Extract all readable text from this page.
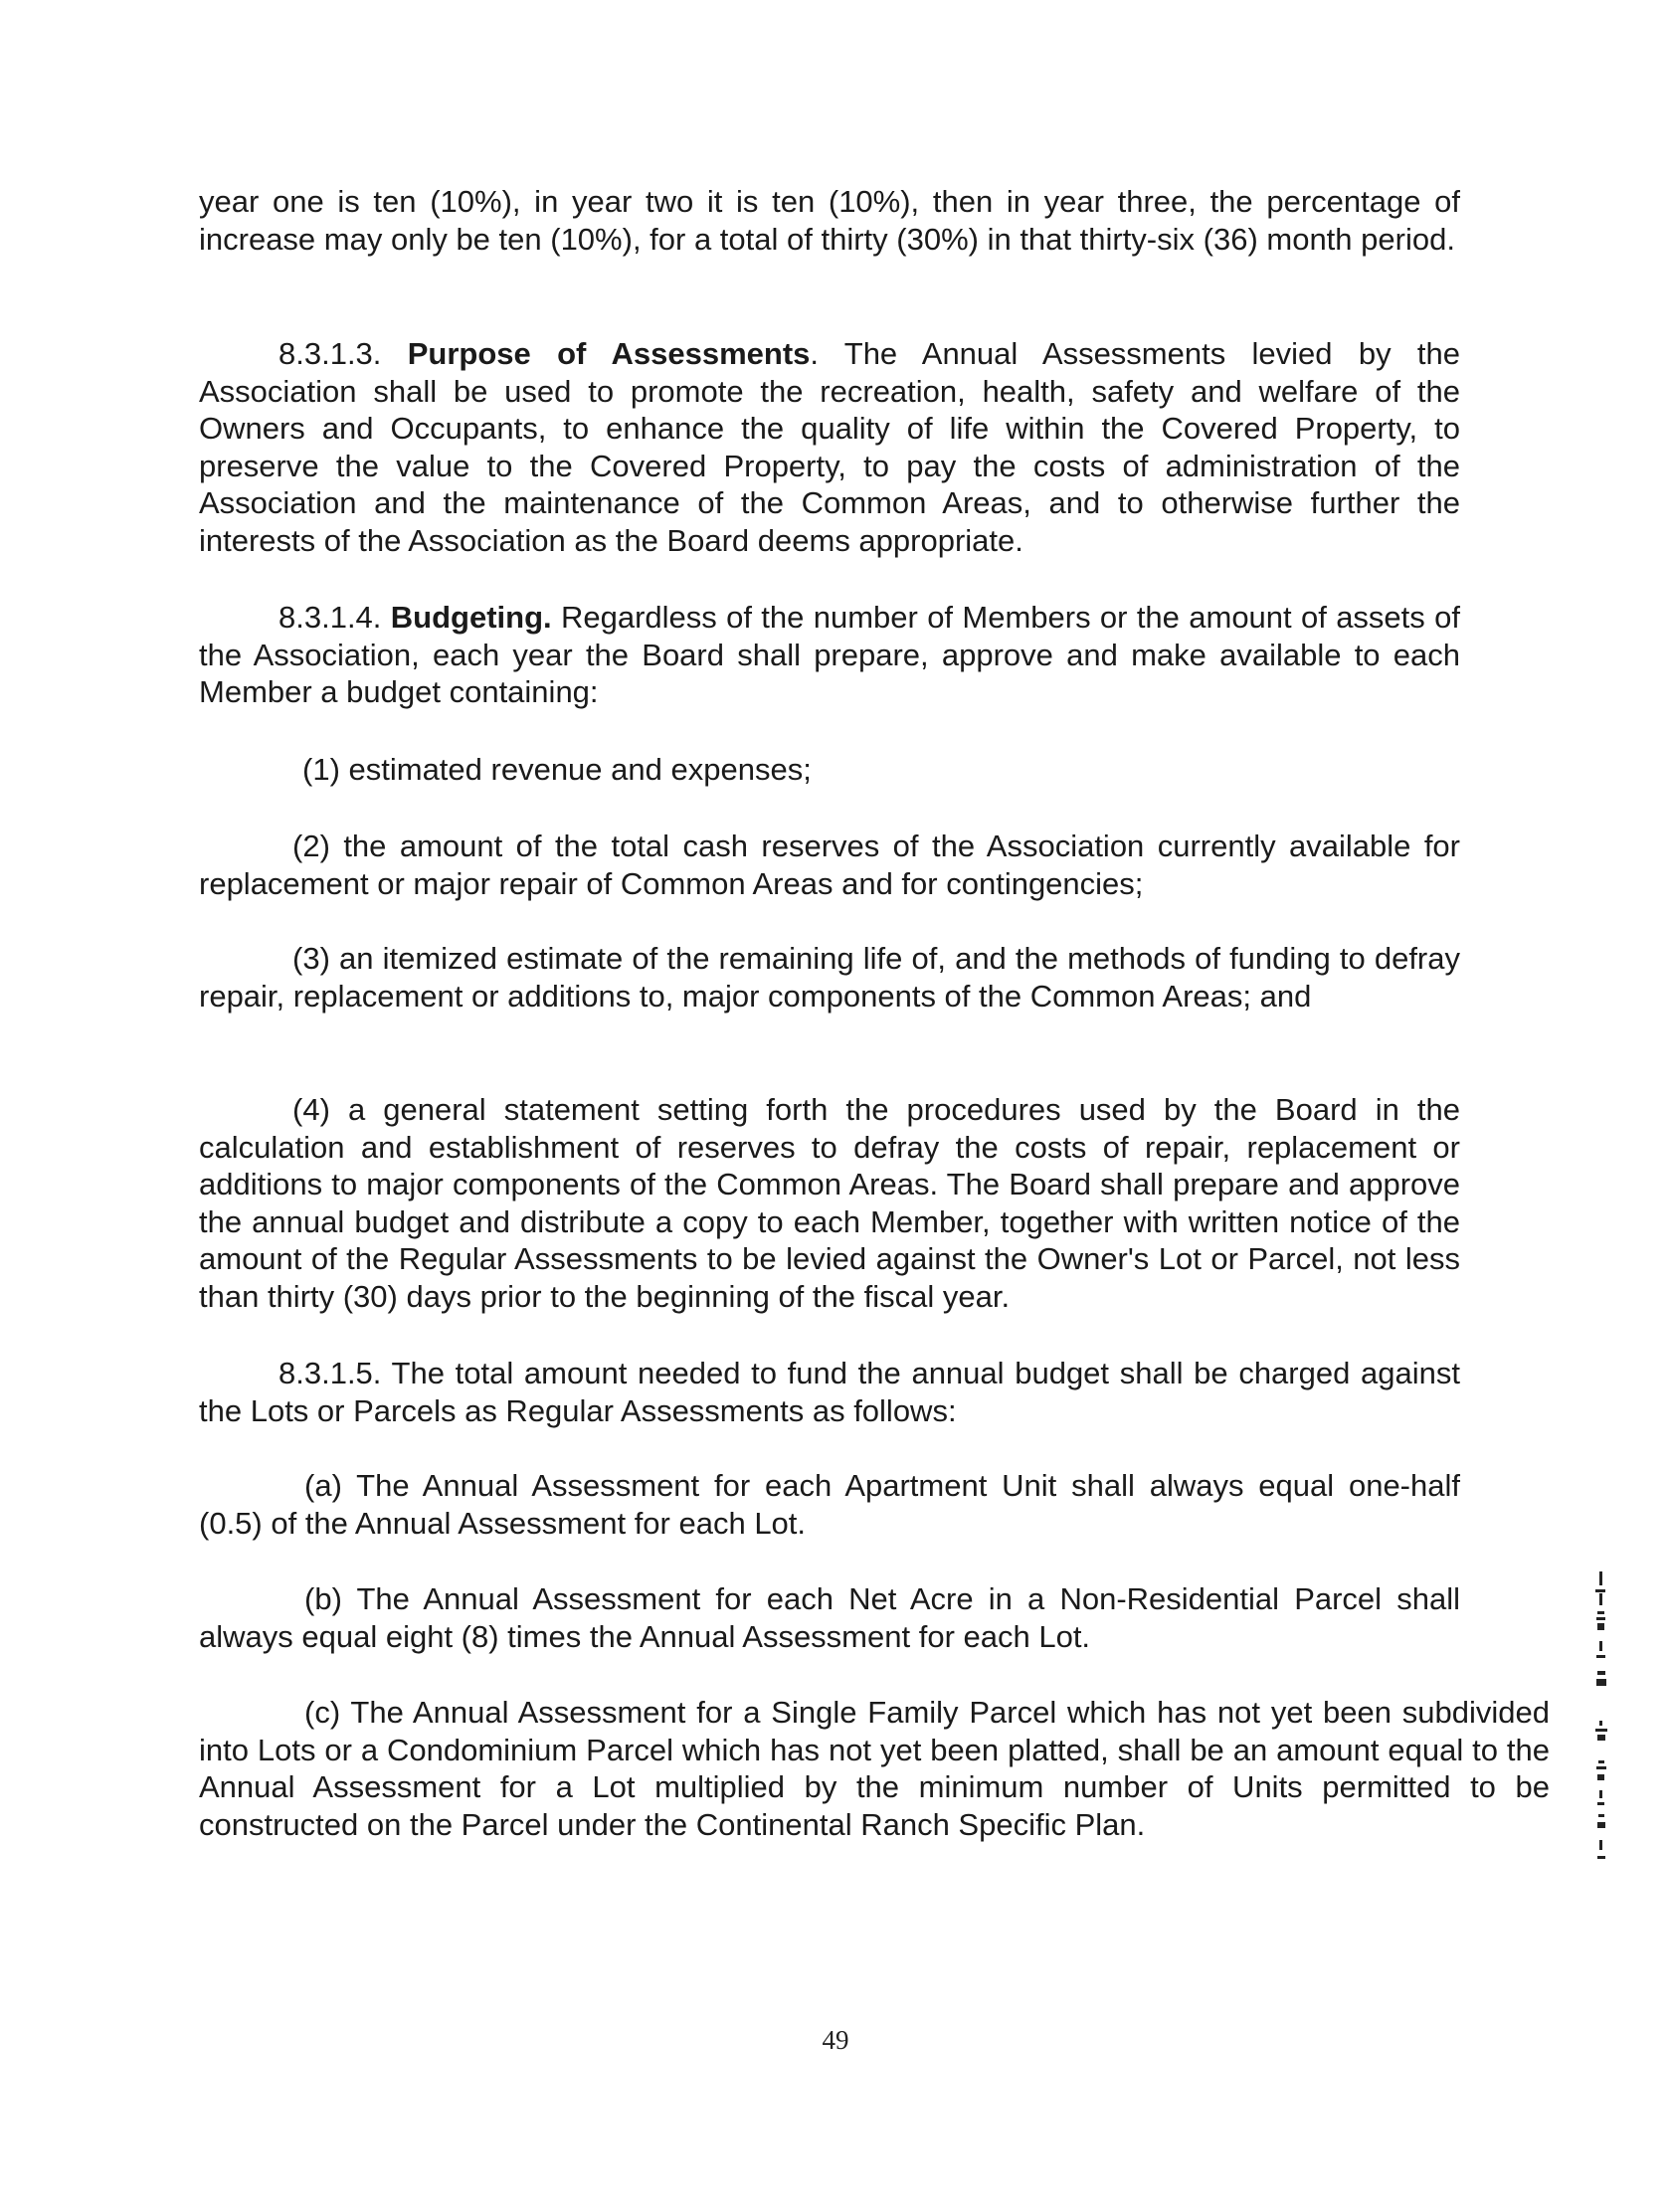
year one is ten (10%), in year two it is ten (10%), then in year three, the percentage of increase may only be ten (10%), for a total of thirty (30%) in that thirty-six (36) month period.

8.3.1.3. Purpose of Assessments. The Annual Assessments levied by the Association shall be used to promote the recreation, health, safety and welfare of the Owners and Occupants, to enhance the quality of life within the Covered Property, to preserve the value to the Covered Property, to pay the costs of administration of the Association and the maintenance of the Common Areas, and to otherwise further the interests of the Association as the Board deems appropriate.

8.3.1.4. Budgeting. Regardless of the number of Members or the amount of assets of the Association, each year the Board shall prepare, approve and make available to each Member a budget containing:

(1) estimated revenue and expenses;

(2) the amount of the total cash reserves of the Association currently available for replacement or major repair of Common Areas and for contingencies;

(3) an itemized estimate of the remaining life of, and the methods of funding to defray repair, replacement or additions to, major components of the Common Areas; and

(4) a general statement setting forth the procedures used by the Board in the calculation and establishment of reserves to defray the costs of repair, replacement or additions to major components of the Common Areas. The Board shall prepare and approve the annual budget and distribute a copy to each Member, together with written notice of the amount of the Regular Assessments to be levied against the Owner's Lot or Parcel, not less than thirty (30) days prior to the beginning of the fiscal year.

8.3.1.5. The total amount needed to fund the annual budget shall be charged against the Lots or Parcels as Regular Assessments as follows:

(a) The Annual Assessment for each Apartment Unit shall always equal one-half (0.5) of the Annual Assessment for each Lot.

(b) The Annual Assessment for each Net Acre in a Non-Residential Parcel shall always equal eight (8) times the Annual Assessment for each Lot.

(c) The Annual Assessment for a Single Family Parcel which has not yet been subdivided into Lots or a Condominium Parcel which has not yet been platted, shall be an amount equal to the Annual Assessment for a Lot multiplied by the minimum number of Units permitted to be constructed on the Parcel under the Continental Ranch Specific Plan.

49
